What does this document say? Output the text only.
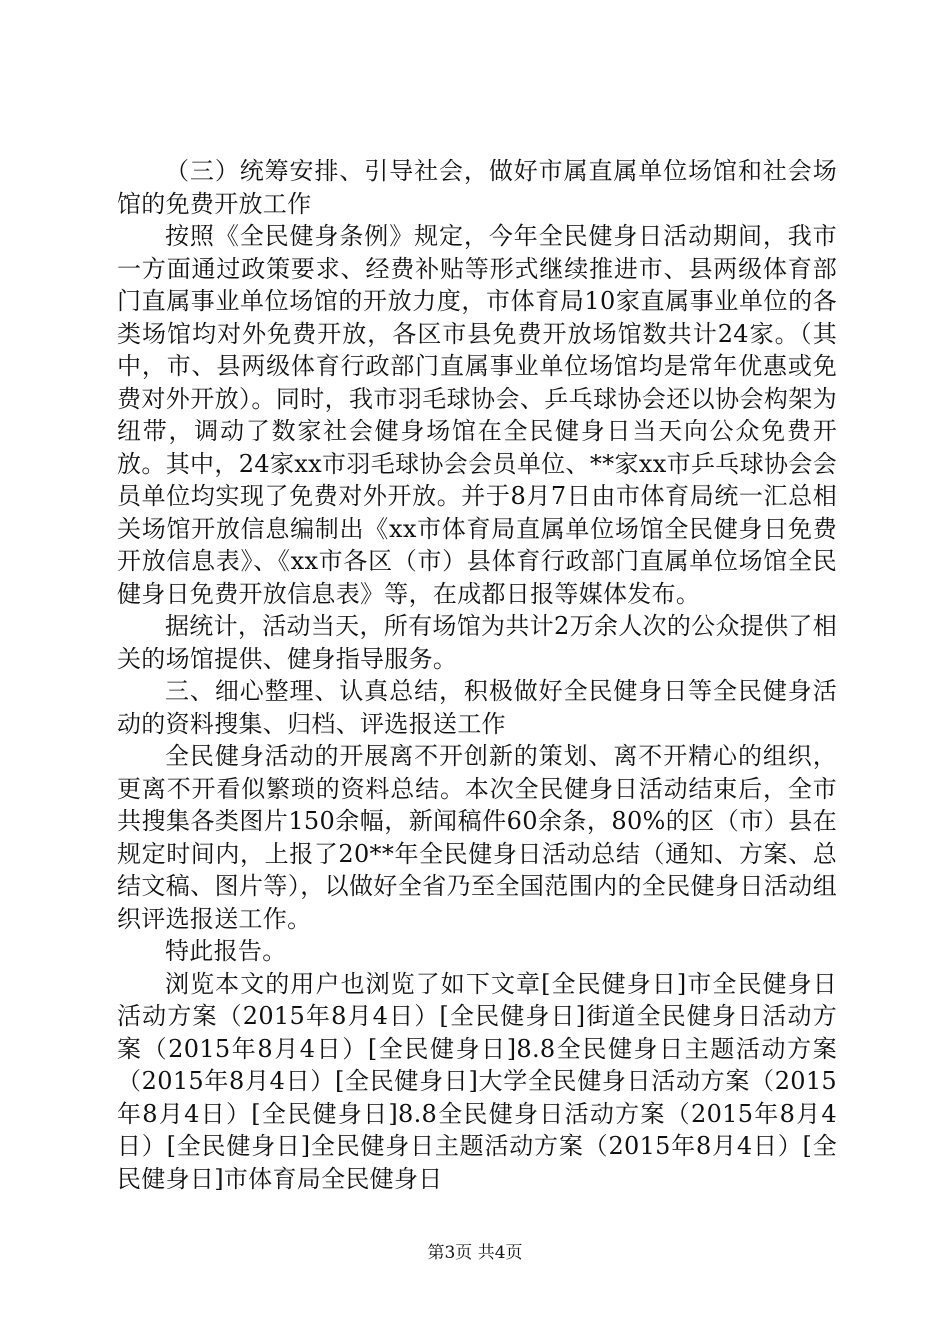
（三）统筹安排、引导社会，做好市属直属单位场馆和社会场馆的免费开放工作

按照《全民健身条例》规定，今年全民健身日活动期间，我市一方面通过政策要求、经费补贴等形式继续推进市、县两级体育部门直属事业单位场馆的开放力度，市体育局10家直属事业单位的各类场馆均对外免费开放，各区市县免费开放场馆数共计24家。（其中，市、县两级体育行政部门直属事业单位场馆均是常年优惠或免费对外开放）。同时，我市羽毛球协会、乒乓球协会还以协会构架为纽带，调动了数家社会健身场馆在全民健身日当天向公众免费开放。其中，24家xx市羽毛球协会会员单位、**家xx市乒乓球协会会员单位均实现了免费对外开放。并于8月7日由市体育局统一汇总相关场馆开放信息编制出《xx市体育局直属单位场馆全民健身日免费开放信息表》、《xx市各区（市）县体育行政部门直属单位场馆全民健身日免费开放信息表》等，在成都日报等媒体发布。

据统计，活动当天，所有场馆为共计2万余人次的公众提供了相关的场馆提供、健身指导服务。

三、细心整理、认真总结，积极做好全民健身日等全民健身活动的资料搜集、归档、评选报送工作

全民健身活动的开展离不开创新的策划、离不开精心的组织，更离不开看似繁琐的资料总结。本次全民健身日活动结束后，全市共搜集各类图片150余幅，新闻稿件60余条，80%的区（市）县在规定时间内，上报了20**年全民健身日活动总结（通知、方案、总结文稿、图片等），以做好全省乃至全国范围内的全民健身日活动组织评选报送工作。

特此报告。

浏览本文的用户也浏览了如下文章[全民健身日]市全民健身日活动方案（2015年8月4日）[全民健身日]街道全民健身日活动方案（2015年8月4日）[全民健身日]8.8全民健身日主题活动方案（2015年8月4日）[全民健身日]大学全民健身日活动方案（2015年8月4日）[全民健身日]8.8全民健身日活动方案（2015年8月4日）[全民健身日]全民健身日主题活动方案（2015年8月4日）[全民健身日]市体育局全民健身日

第3页 共4页
